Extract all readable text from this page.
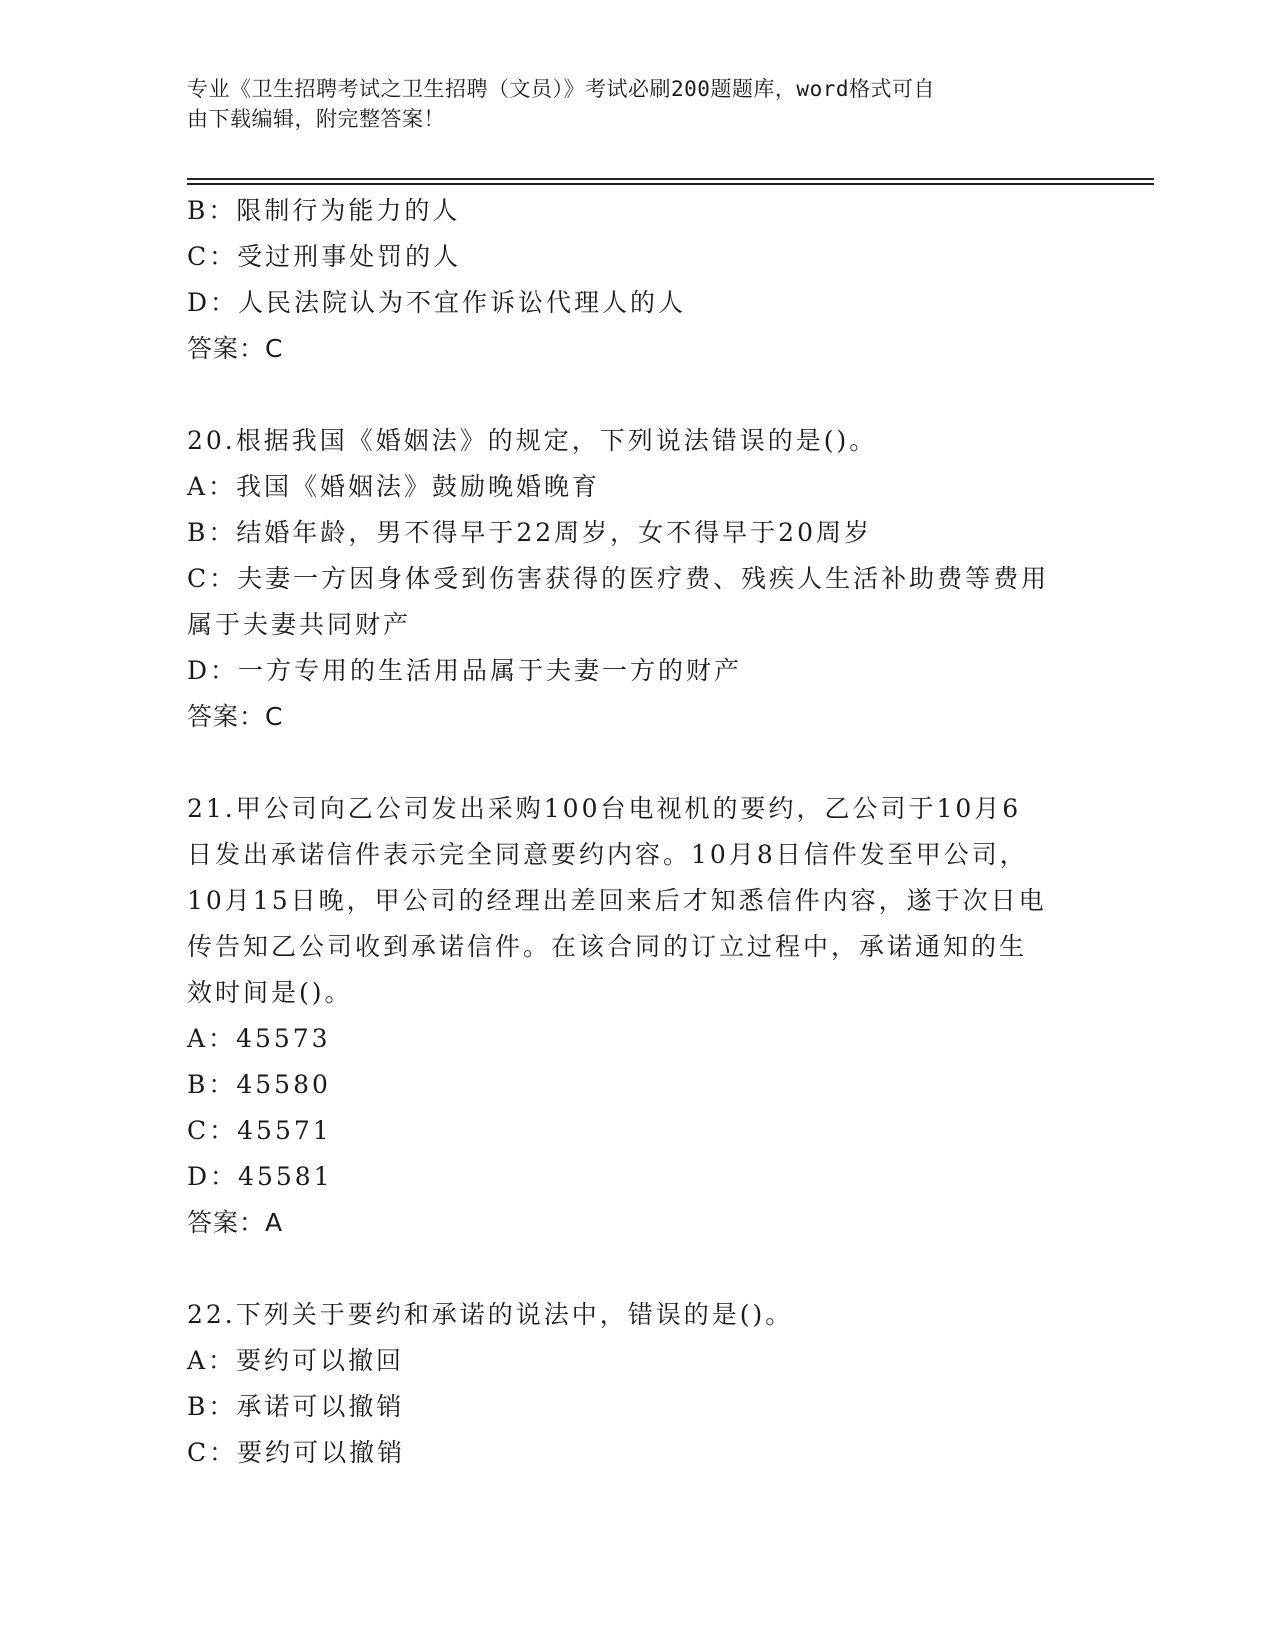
专业《卫生招聘考试之卫生招聘（文员）》考试必刷200题题库，word格式可自
由下载编辑，附完整答案！
B：限制行为能力的人
C：受过刑事处罚的人
D：人民法院认为不宜作诉讼代理人的人
答案：C
20.根据我国《婚姻法》的规定，下列说法错误的是()。
A：我国《婚姻法》鼓励晚婚晚育
B：结婚年龄，男不得早于22周岁，女不得早于20周岁
C：夫妻一方因身体受到伤害获得的医疗费、残疾人生活补助费等费用
属于夫妻共同财产
D：一方专用的生活用品属于夫妻一方的财产
答案：C
21.甲公司向乙公司发出采购100台电视机的要约，乙公司于10月6
日发出承诺信件表示完全同意要约内容。10月8日信件发至甲公司，
10月15日晚，甲公司的经理出差回来后才知悉信件内容，遂于次日电
传告知乙公司收到承诺信件。在该合同的订立过程中，承诺通知的生
效时间是()。
A：45573
B：45580
C：45571
D：45581
答案：A
22.下列关于要约和承诺的说法中，错误的是()。
A：要约可以撤回
B：承诺可以撤销
C：要约可以撤销
